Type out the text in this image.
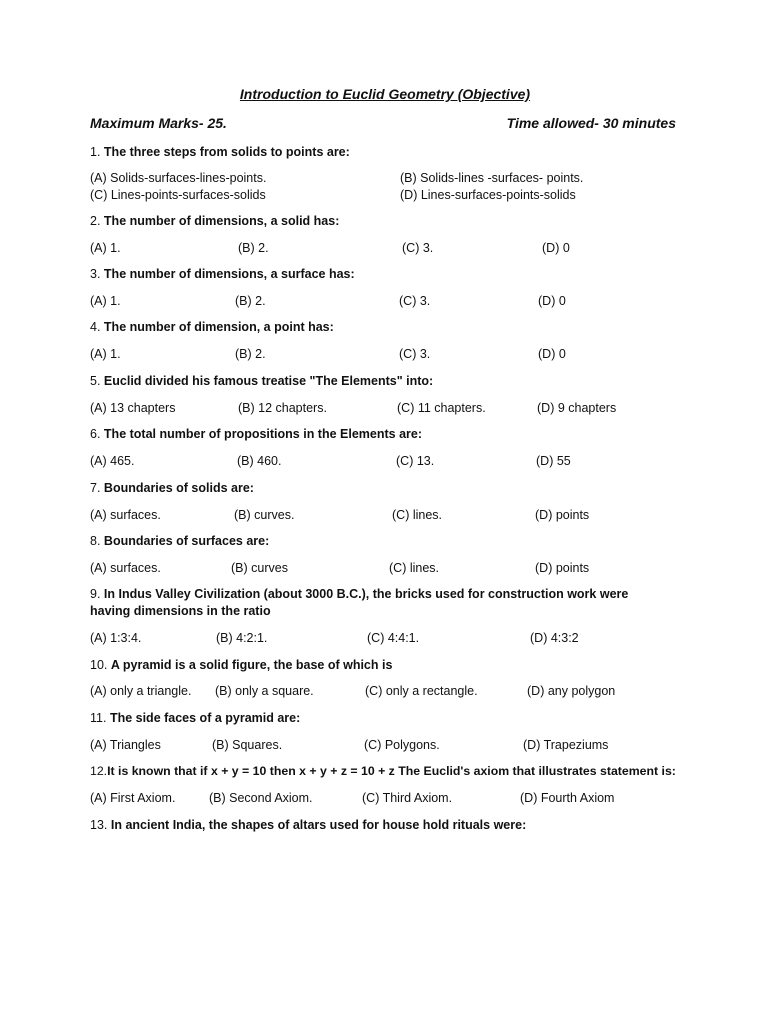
Introduction to Euclid Geometry (Objective)
Maximum Marks- 25.	Time allowed- 30 minutes
1. The three steps from solids to points are:
(A) Solids-surfaces-lines-points.	(B) Solids-lines -surfaces- points.
(C) Lines-points-surfaces-solids	(D) Lines-surfaces-points-solids
2. The number of dimensions, a solid has:
(A) 1.	(B) 2.	(C) 3.	(D) 0
3. The number of dimensions, a surface has:
(A) 1.	(B) 2.	(C) 3.	(D) 0
4. The number of dimension, a point has:
(A) 1.	(B) 2.	(C) 3.	(D) 0
5. Euclid divided his famous treatise "The Elements" into:
(A) 13 chapters	(B) 12 chapters.	(C) 11 chapters.	(D) 9 chapters
6. The total number of propositions in the Elements are:
(A) 465.	(B) 460.	(C) 13.	(D) 55
7. Boundaries of solids are:
(A) surfaces.	(B) curves.	(C) lines.	(D) points
8. Boundaries of surfaces are:
(A) surfaces.	(B) curves	(C) lines.	(D) points
9. In Indus Valley Civilization (about 3000 B.C.), the bricks used for construction work were having dimensions in the ratio
(A) 1:3:4.	(B) 4:2:1.	(C) 4:4:1.	(D) 4:3:2
10. A pyramid is a solid figure, the base of which is
(A) only a triangle. (B) only a square.	(C) only a rectangle.	(D) any polygon
11. The side faces of a pyramid are:
(A) Triangles	(B) Squares.	(C) Polygons.	(D) Trapeziums
12.It is known that if x + y = 10 then x + y + z = 10 + z The Euclid's axiom that illustrates statement is:
(A) First Axiom.	(B) Second Axiom.	(C) Third Axiom.	(D) Fourth Axiom
13. In ancient India, the shapes of altars used for house hold rituals were:
